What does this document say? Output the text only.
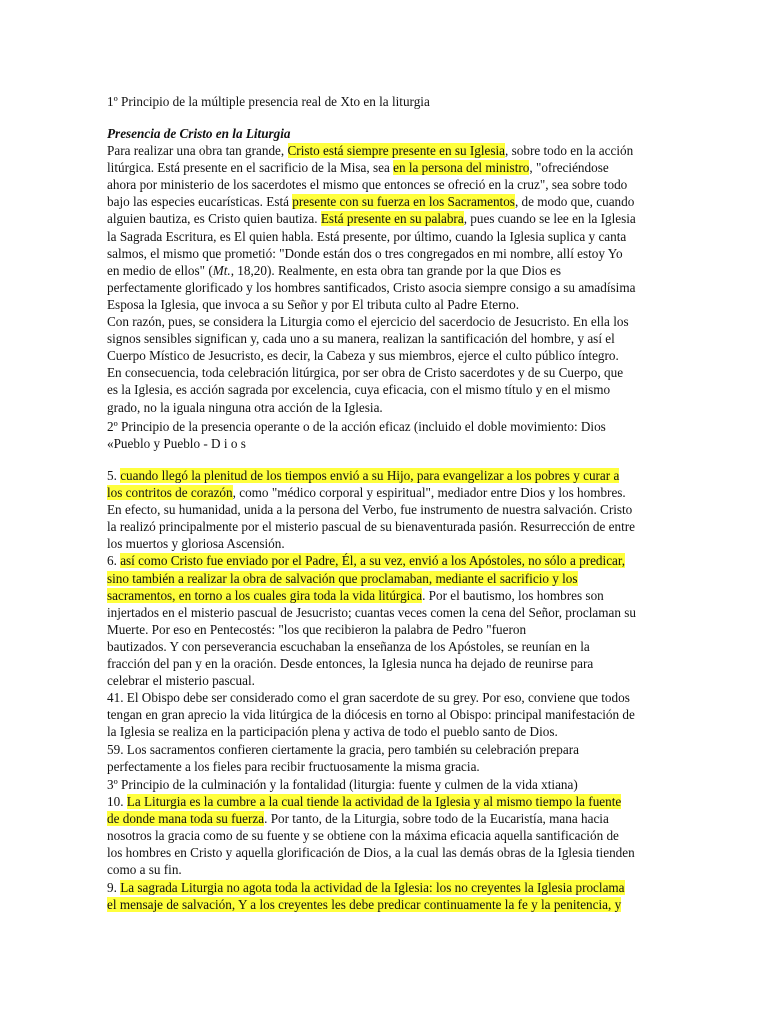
1º Principio de la múltiple presencia real de Xto en la liturgia

Presencia de Cristo en la Liturgia

Para realizar una obra tan grande, Cristo está siempre presente en su Iglesia, sobre todo en la acción

litúrgica. Está presente en el sacrificio de la Misa, sea en la persona del ministro, "ofreciéndose

ahora por ministerio de los sacerdotes el mismo que entonces se ofreció en la cruz", sea sobre todo

bajo las especies eucarísticas. Está presente con su fuerza en los Sacramentos, de modo que, cuando

alguien bautiza, es Cristo quien bautiza. Está presente en su palabra, pues cuando se lee en la Iglesia

la Sagrada Escritura, es El quien habla. Está presente, por último, cuando la Iglesia suplica y canta

salmos, el mismo que prometió: "Donde están dos o tres congregados en mi nombre, allí estoy Yo

en medio de ellos" (Mt., 18,20). Realmente, en esta obra tan grande por la que Dios es

perfectamente glorificado y los hombres santificados, Cristo asocia siempre consigo a su amadísima

Esposa la Iglesia, que invoca a su Señor y por El tributa culto al Padre Eterno.

Con razón, pues, se considera la Liturgia como el ejercicio del sacerdocio de Jesucristo. En ella los

signos sensibles significan y, cada uno a su manera, realizan la santificación del hombre, y así el

Cuerpo Místico de Jesucristo, es decir, la Cabeza y sus miembros, ejerce el culto público íntegro.

En consecuencia, toda celebración litúrgica, por ser obra de Cristo sacerdotes y de su Cuerpo, que

es la Iglesia, es acción sagrada por excelencia, cuya eficacia, con el mismo título y en el mismo

grado, no la iguala ninguna otra acción de la Iglesia.

2º Principio de la presencia operante o de la acción eficaz (incluido el doble movimiento: Dios

«Pueblo y Pueblo - D i o s

5. cuando llegó la plenitud de los tiempos envió a su Hijo, para evangelizar a los pobres y curar a

los contritos de corazón, como "médico corporal y espiritual", mediador entre Dios y los hombres.

En efecto, su humanidad, unida a la persona del Verbo, fue instrumento de nuestra salvación. Cristo

la realizó principalmente por el misterio pascual de su bienaventurada pasión. Resurrección de entre

los muertos y gloriosa Ascensión.

6. así como Cristo fue enviado por el Padre, Él, a su vez, envió a los Apóstoles, no sólo a predicar,

sino también a realizar la obra de salvación que proclamaban, mediante el sacrificio y los

sacramentos, en torno a los cuales gira toda la vida litúrgica. Por el bautismo, los hombres son

injertados en el misterio pascual de Jesucristo; cuantas veces comen la cena del Señor, proclaman su

Muerte. Por eso en Pentecostés: "los que recibieron la palabra de Pedro "fueron

bautizados. Y con perseverancia escuchaban la enseñanza de los Apóstoles, se reunían en la

fracción del pan y en la oración. Desde entonces, la Iglesia nunca ha dejado de reunirse para

celebrar el misterio pascual.

41. El Obispo debe ser considerado como el gran sacerdote de su grey. Por eso, conviene que todos

tengan en gran aprecio la vida litúrgica de la diócesis en torno al Obispo: principal manifestación de

la Iglesia se realiza en la participación plena y activa de todo el pueblo santo de Dios.

59. Los sacramentos confieren ciertamente la gracia, pero también su celebración prepara

perfectamente a los fieles para recibir fructuosamente la misma gracia.

3º Principio de la culminación y la fontalidad (liturgia: fuente y culmen de la vida xtiana)

10. La Liturgia es la cumbre a la cual tiende la actividad de la Iglesia y al mismo tiempo la fuente

de donde mana toda su fuerza. Por tanto, de la Liturgia, sobre todo de la Eucaristía, mana hacia

nosotros la gracia como de su fuente y se obtiene con la máxima eficacia aquella santificación de

los hombres en Cristo y aquella glorificación de Dios, a la cual las demás obras de la Iglesia tienden

como a su fin.

9. La sagrada Liturgia no agota toda la actividad de la Iglesia: los no creyentes la Iglesia proclama

el mensaje de salvación, Y a los creyentes les debe predicar continuamente la fe y la penitencia, y
